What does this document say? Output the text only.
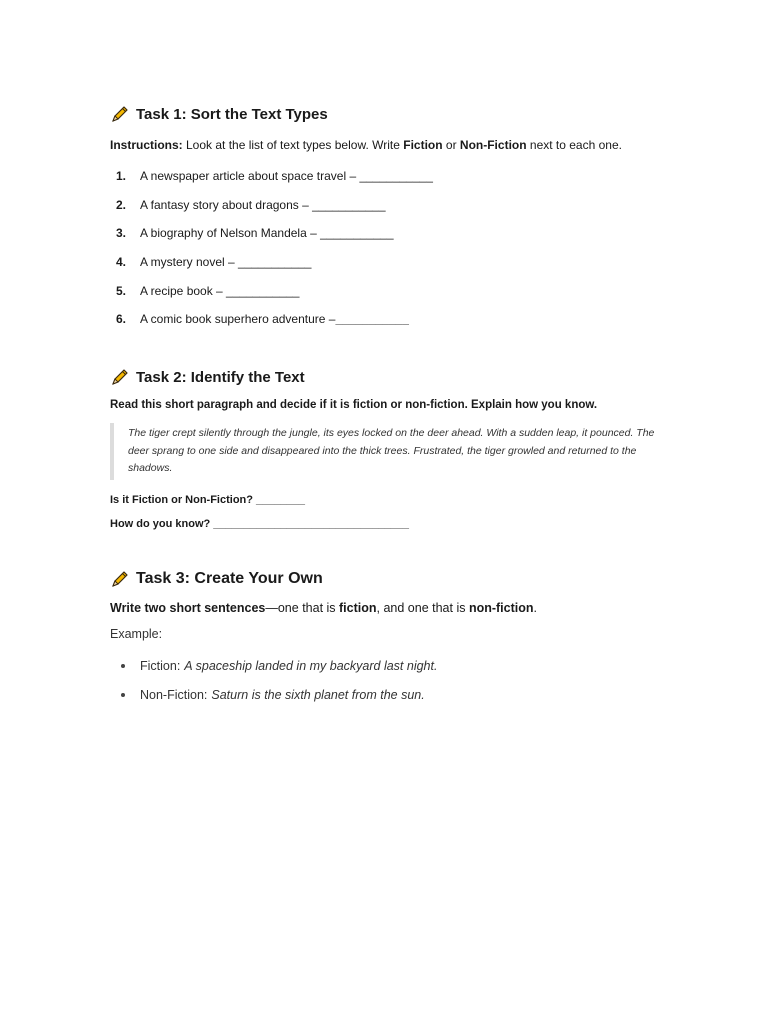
Task 1: Sort the Text Types
Instructions: Look at the list of text types below. Write Fiction or Non-Fiction next to each one.
1.	A newspaper article about space travel – ___________
2.	A fantasy story about dragons – ___________
3.	A biography of Nelson Mandela – ___________
4.	A mystery novel – ___________
5.	A recipe book – ___________
6.	A comic book superhero adventure – ___________
Task 2: Identify the Text
Read this short paragraph and decide if it is fiction or non-fiction. Explain how you know.
The tiger crept silently through the jungle, its eyes locked on the deer ahead. With a sudden leap, it pounced. The deer sprang to one side and disappeared into the thick trees. Frustrated, the tiger growled and returned to the shadows.
Is it Fiction or Non-Fiction? ________
How do you know? ________________________________
Task 3: Create Your Own
Write two short sentences—one that is fiction, and one that is non-fiction.
Example:
Fiction: A spaceship landed in my backyard last night.
Non-Fiction: Saturn is the sixth planet from the sun.
